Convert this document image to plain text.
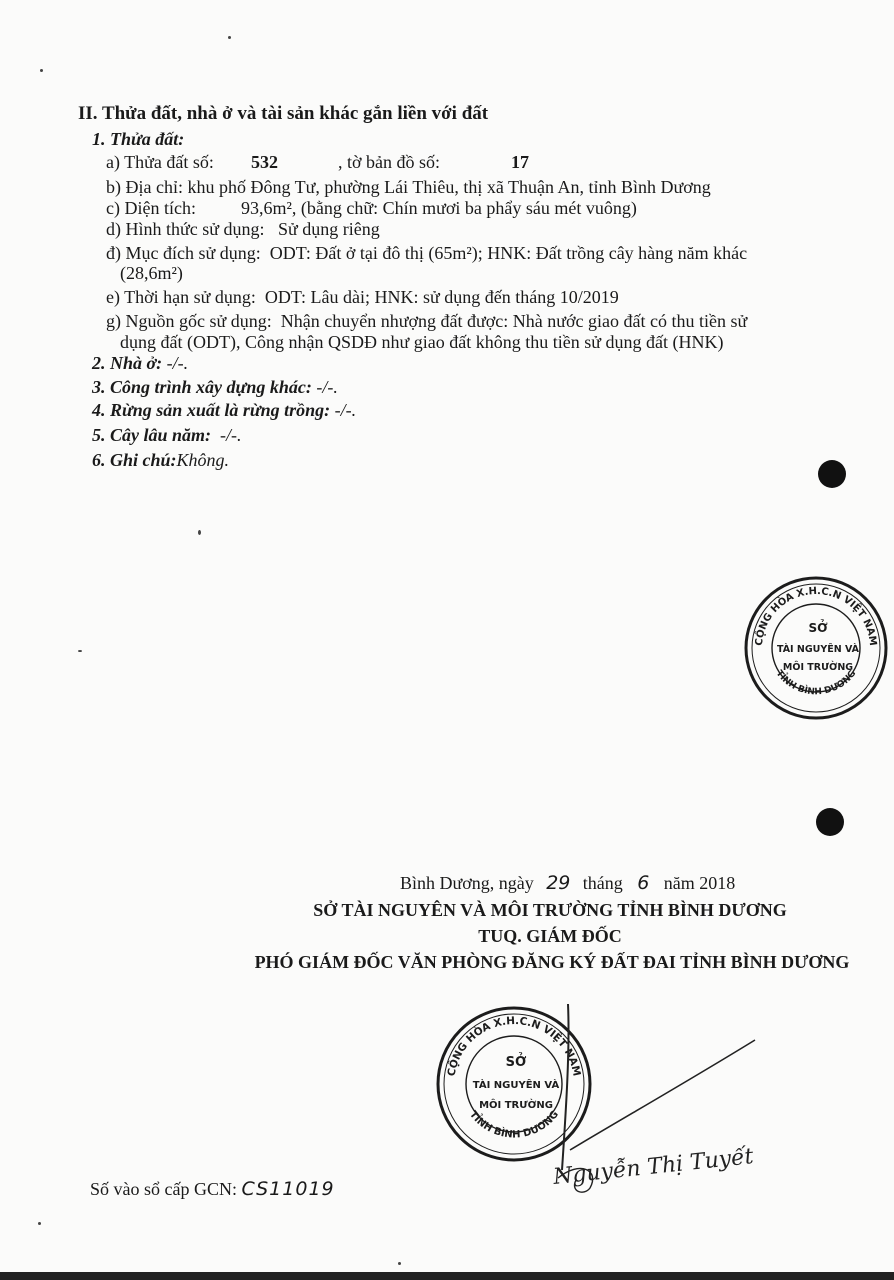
II. Thửa đất, nhà ở và tài sản khác gắn liền với đất
1. Thửa đất:
a) Thửa đất số: 532	, tờ bản đồ số:	17
b) Địa chỉ: khu phố Đông Tư, phường Lái Thiêu, thị xã Thuận An, tỉnh Bình Dương
c) Diện tích:          93,6m², (bằng chữ: Chín mươi ba phẩy sáu mét vuông)
d) Hình thức sử dụng:   Sử dụng riêng
đ) Mục đích sử dụng:  ODT: Đất ở tại đô thị (65m²); HNK: Đất trồng cây hàng năm khác
(28,6m²)
e) Thời hạn sử dụng:  ODT: Lâu dài; HNK: sử dụng đến tháng 10/2019
g) Nguồn gốc sử dụng:  Nhận chuyển nhượng đất được: Nhà nước giao đất có thu tiền sử
dụng đất (ODT), Công nhận QSDĐ như giao đất không thu tiền sử dụng đất (HNK)
2. Nhà ở: -/-.
3. Công trình xây dựng khác: -/-.
4. Rừng sản xuất là rừng trồng: -/-.
5. Cây lâu năm:  -/-.
6. Ghi chú:Không.
CỘNG HÒA X.H.C.N VIỆT NAM
TỈNH BÌNH DƯƠNG
SỞ
TÀI NGUYÊN VÀ
MÔI TRƯỜNG
Bình Dương, ngày 29 tháng 6 năm 2018
SỞ TÀI NGUYÊN VÀ MÔI TRƯỜNG TỈNH BÌNH DƯƠNG
TUQ. GIÁM ĐỐC
PHÓ GIÁM ĐỐC VĂN PHÒNG ĐĂNG KÝ ĐẤT ĐAI TỈNH BÌNH DƯƠNG
CỘNG HÒA X.H.C.N VIỆT NAM
TỈNH BÌNH DƯƠNG
SỞ
TÀI NGUYÊN VÀ
MÔI TRƯỜNG
Nguyễn Thị Tuyết
Số vào sổ cấp GCN: CS11019
